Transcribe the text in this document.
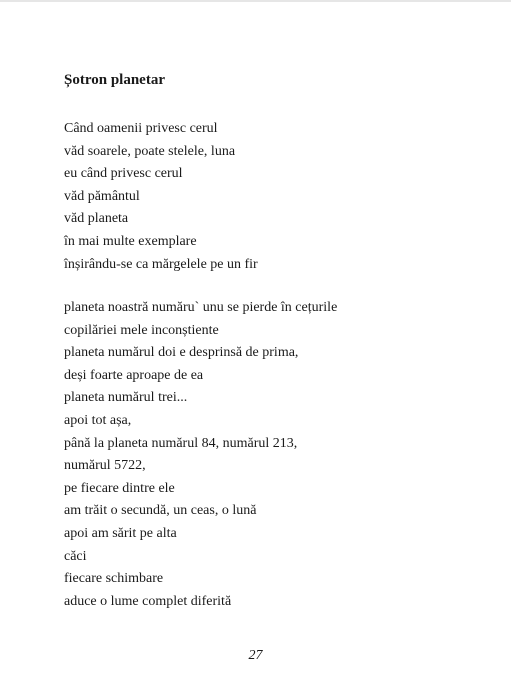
Șotron planetar
Când oamenii privesc cerul
văd soarele, poate stelele, luna
eu când privesc cerul
văd pământul
văd planeta
în mai multe exemplare
înșirându-se ca mărgelele pe un fir
planeta noastră număru` unu se pierde în cețurile
copilăriei mele inconștiente
planeta numărul doi e desprinsă de prima,
deși foarte aproape de ea
planeta numărul trei...
apoi tot așa,
până la planeta numărul 84, numărul 213,
numărul 5722,
pe fiecare dintre ele
am trăit o secundă, un ceas, o lună
apoi am sărit pe alta
căci
fiecare schimbare
aduce o lume complet diferită
27
